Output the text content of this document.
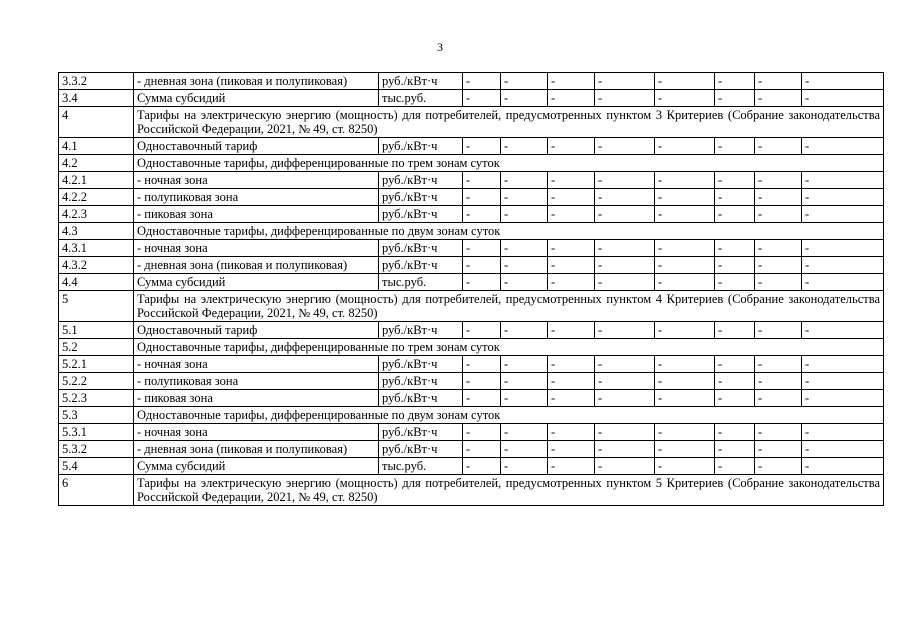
3
3.3.2	- дневная зона (пиковая и полупиковая)	руб./кВт·ч	-	-	-	-	-	-	-	-
3.4	Сумма субсидий	тыс.руб.	-	-	-	-	-	-	-	-
4	Тарифы на электрическую энергию (мощность) для потребителей, предусмотренных пунктом 3 Критериев (Собрание законодательства Российской Федерации, 2021, № 49, ст. 8250)									
4.1	Одноставочный тариф	руб./кВт·ч	-	-	-	-	-	-	-	-
4.2	Одноставочные тарифы, дифференцированные по трем зонам суток									
4.2.1	- ночная зона	руб./кВт·ч	-	-	-	-	-	-	-	-
4.2.2	- полупиковая зона	руб./кВт·ч	-	-	-	-	-	-	-	-
4.2.3	- пиковая зона	руб./кВт·ч	-	-	-	-	-	-	-	-
4.3	Одноставочные тарифы, дифференцированные по двум зонам суток									
4.3.1	- ночная зона	руб./кВт·ч	-	-	-	-	-	-	-	-
4.3.2	- дневная зона (пиковая и полупиковая)	руб./кВт·ч	-	-	-	-	-	-	-	-
4.4	Сумма субсидий	тыс.руб.	-	-	-	-	-	-	-	-
5	Тарифы на электрическую энергию (мощность) для потребителей, предусмотренных пунктом 4 Критериев (Собрание законодательства Российской Федерации, 2021, № 49, ст. 8250)									
5.1	Одноставочный тариф	руб./кВт·ч	-	-	-	-	-	-	-	-
5.2	Одноставочные тарифы, дифференцированные по трем зонам суток									
5.2.1	- ночная зона	руб./кВт·ч	-	-	-	-	-	-	-	-
5.2.2	- полупиковая зона	руб./кВт·ч	-	-	-	-	-	-	-	-
5.2.3	- пиковая зона	руб./кВт·ч	-	-	-	-	-	-	-	-
5.3	Одноставочные тарифы, дифференцированные по двум зонам суток									
5.3.1	- ночная зона	руб./кВт·ч	-	-	-	-	-	-	-	-
5.3.2	- дневная зона (пиковая и полупиковая)	руб./кВт·ч	-	-	-	-	-	-	-	-
5.4	Сумма субсидий	тыс.руб.	-	-	-	-	-	-	-	-
6	Тарифы на электрическую энергию (мощность) для потребителей, предусмотренных пунктом 5 Критериев (Собрание законодательства Российской Федерации, 2021, № 49, ст. 8250)									
